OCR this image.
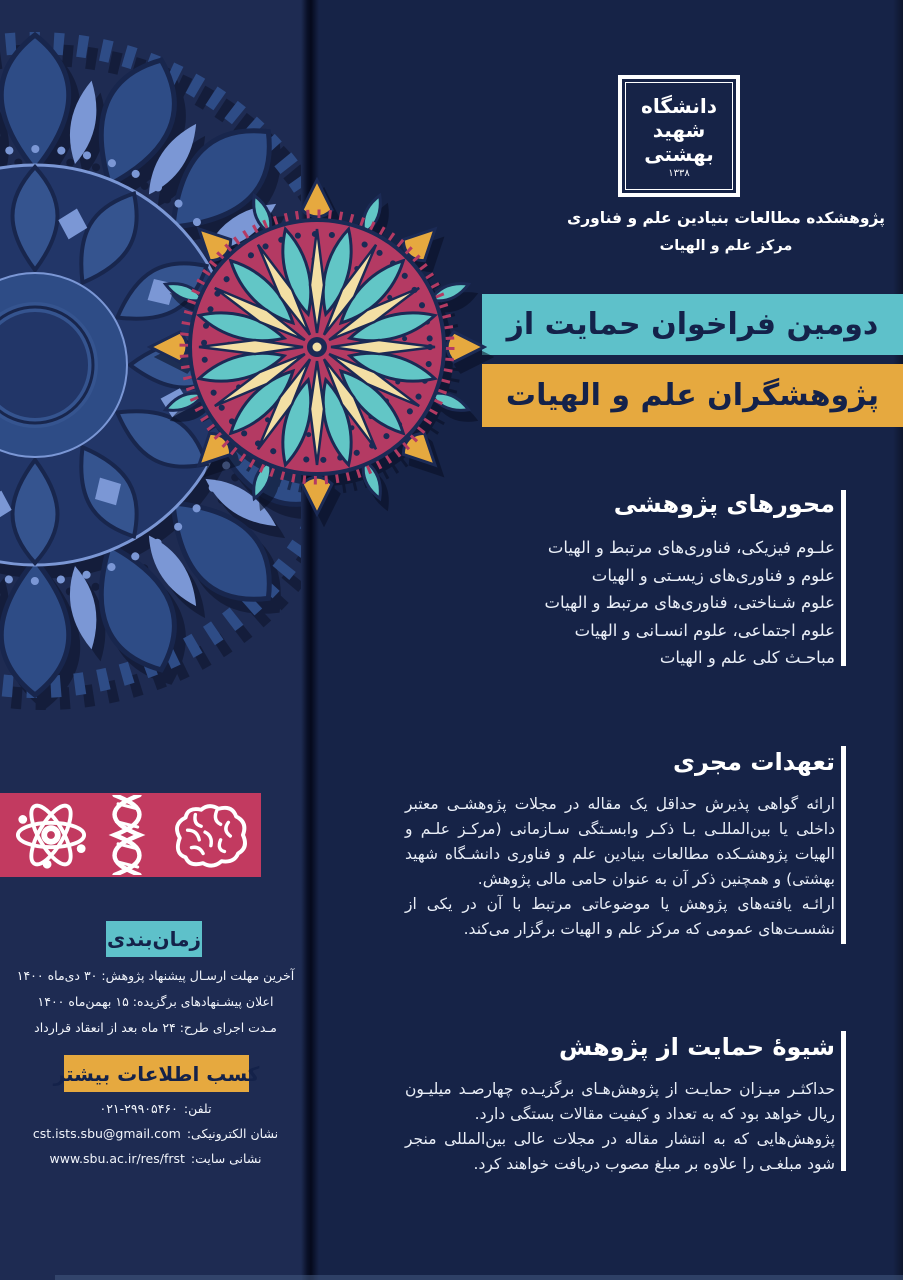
دانشگاه
شهید
بهشتی
۱۳۳۸
پژوهشکده مطالعات بنیادین علم و فناوری
مرکز علم و الهیات
دومین فراخوان حمایت از
پژوهشگران علم و الهیات
محورهای پژوهشی
علـوم فیزیکی، فناوری‌های مرتبط و الهیات
علوم و فناوری‌های زیسـتی و الهیات
علوم شـناختی، فناوری‌های مرتبط و الهیات
علوم اجتماعی، علوم انسـانی و الهیات
مباحـث کلی علم و الهیات
تعهدات مجری

ارائه گواهی پذیرش حداقل یک مقاله در مجلات پژوهشـی معتبر داخلی یا بین‌المللـی بـا ذکـر وابسـتگی سـازمانی (مرکـز علـم و الهیات پژوهشـکده مطالعات بنیادین علم و فناوری دانشـگاه شهید بهشتی) و همچنین ذکر آن به عنوان حامی مالی پژوهش.

ارائـه یافته‌های پژوهش یا موضوعاتی مرتبط با آن در یکی از نشسـت‌های عمومی که مرکز علم و الهیات برگزار می‌کند.

زمان‌بندی
آخرین مهلت ارسـال پیشنهاد پژوهش: ۳۰ دی‌ماه ۱۴۰۰
اعلان پیشـنهادهای برگزیده: ۱۵ بهمن‌ماه ۱۴۰۰
مـدت اجرای طرح: ۲۴ ماه بعد از انعقاد قرارداد
کسب اطلاعات بیشتر
تلفن:
۰۲۱-۲۹۹۰۵۴۶۰
نشان الکترونیکی:
cst.ists.sbu@gmail.com
نشانی سایت:
www.sbu.ac.ir/res/frst
شیوۀ حمایت از پژوهش

حداکثـر میـزان حمایـت از پژوهش‌هـای برگزیـده چهارصـد میلیـون ریال خواهد بود که به تعداد و کیفیت مقالات بستگی دارد.

پژوهش‌هایی که به انتشار مقاله در مجلات عالی بین‌المللی منجر شود مبلغـی را علاوه بر مبلغ مصوب دریافت خواهند کرد.
